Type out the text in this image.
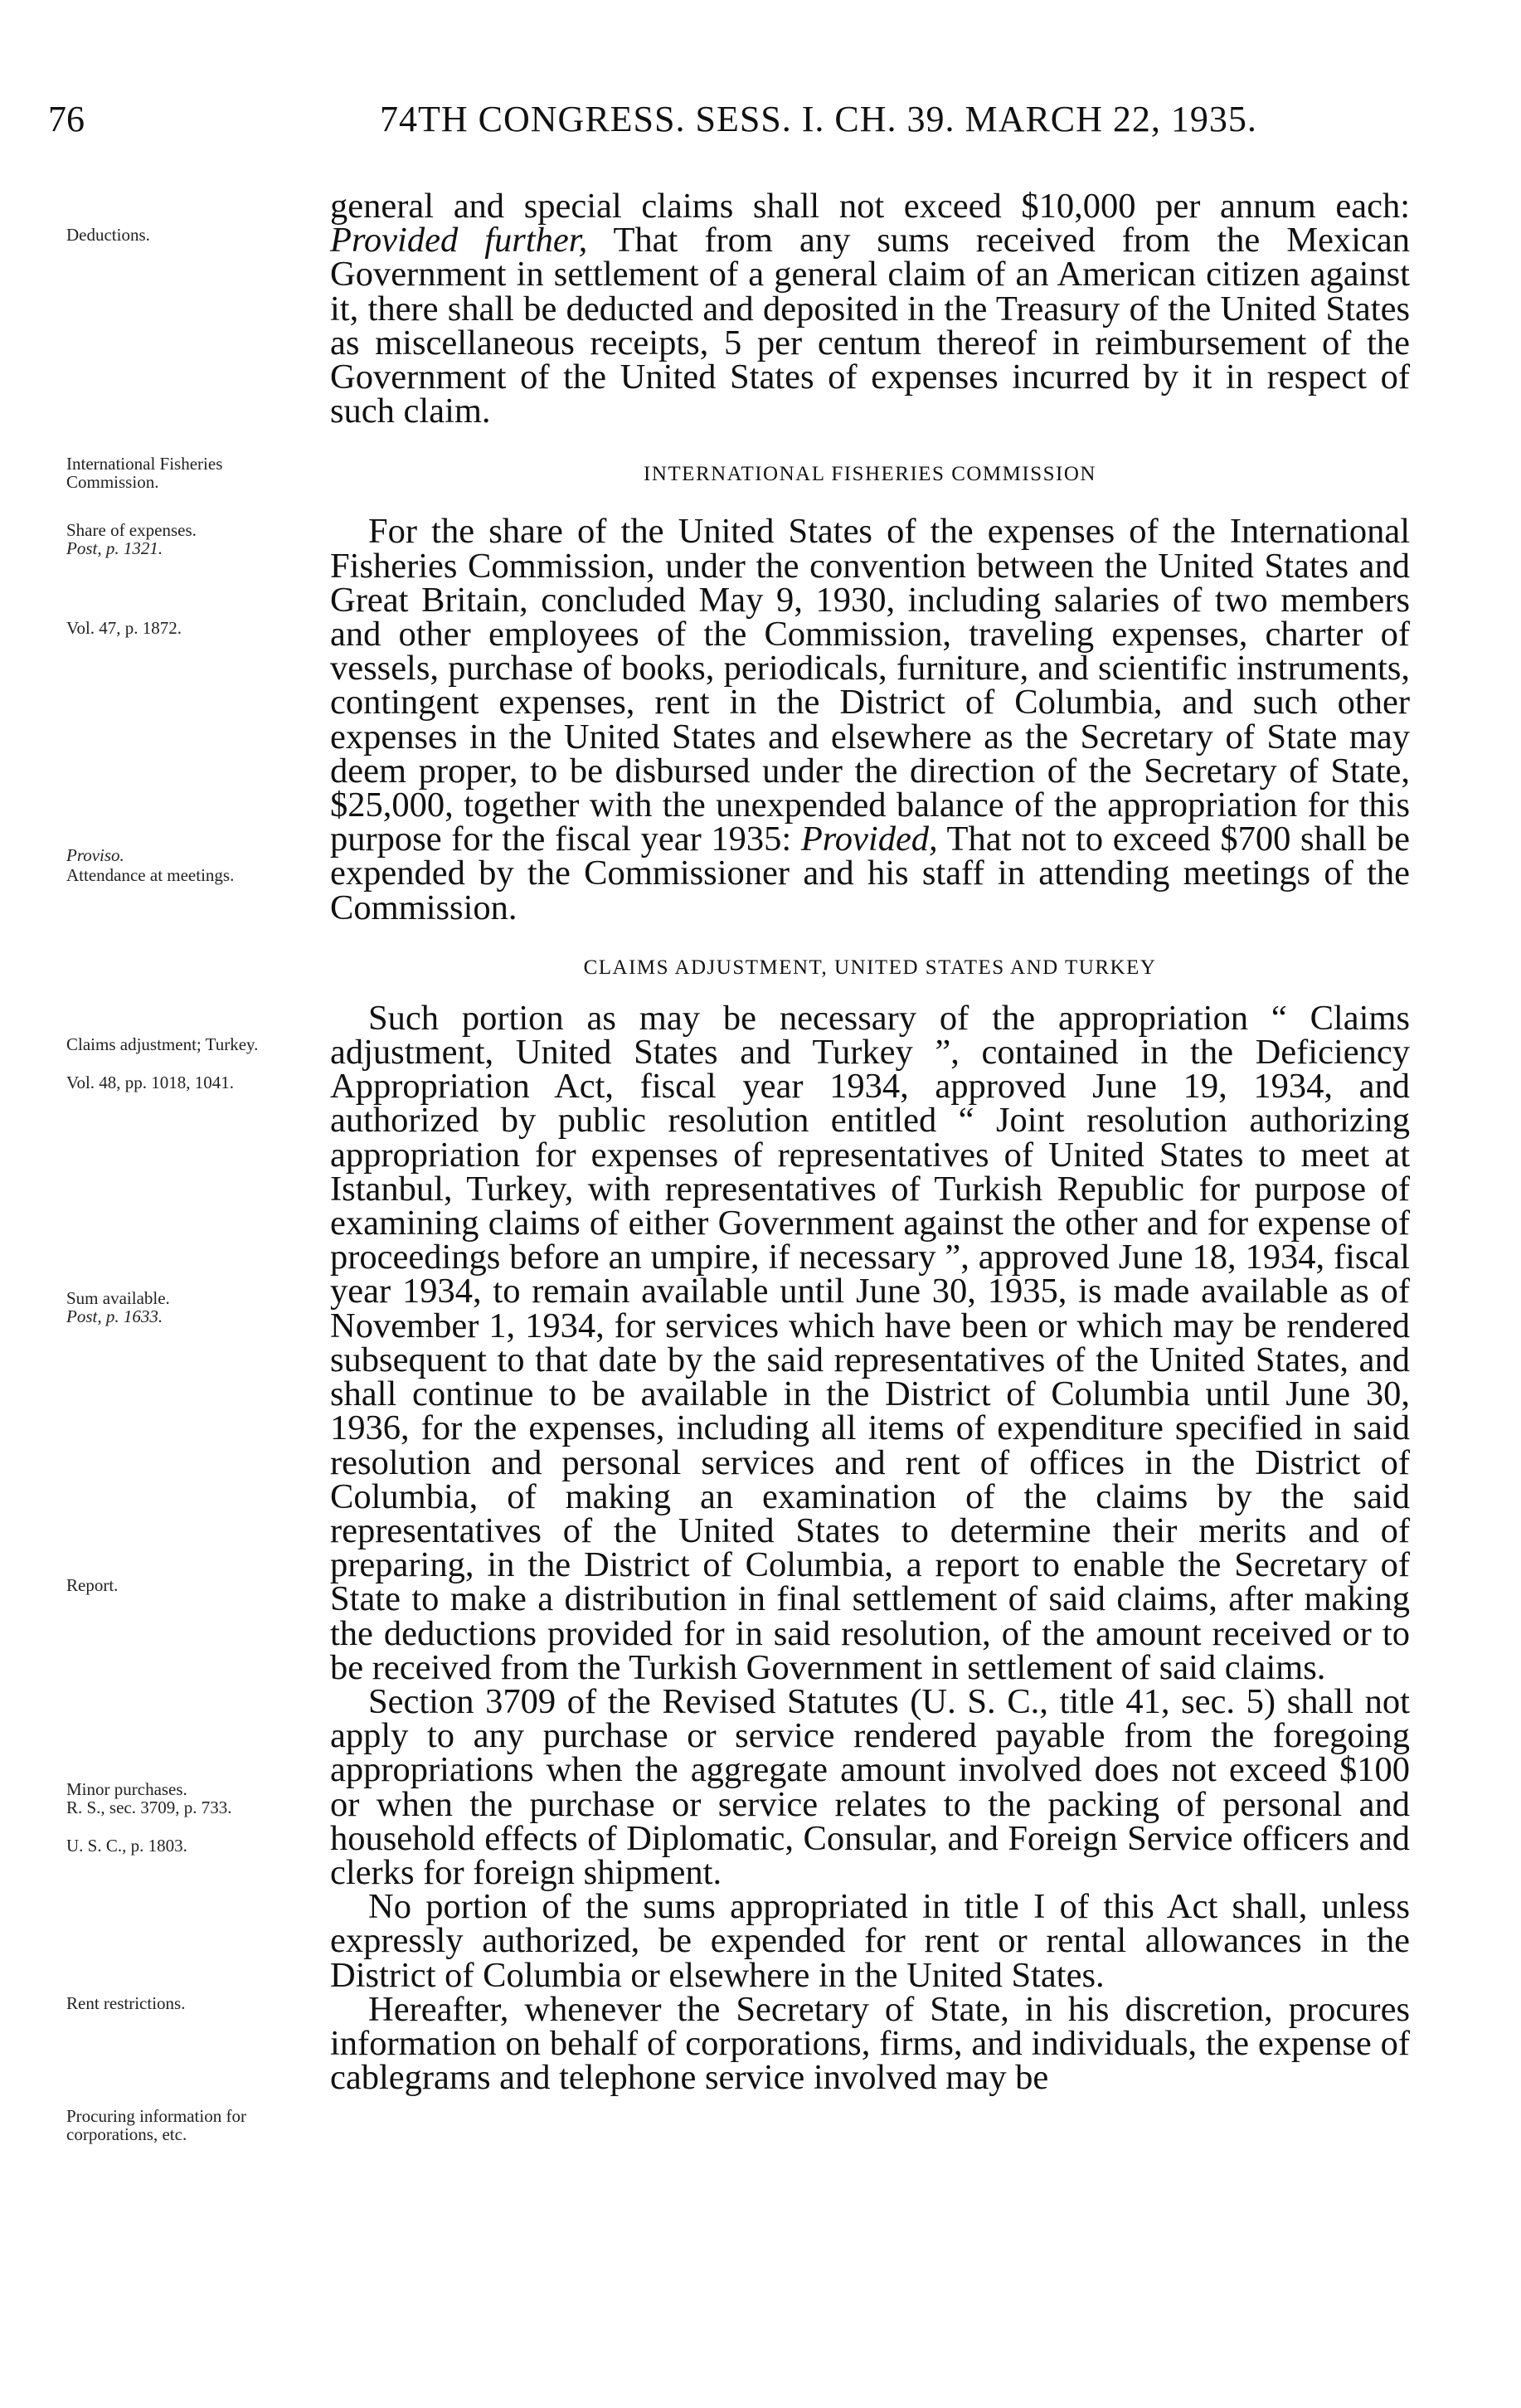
76	74TH CONGRESS. SESS. I. CH. 39. MARCH 22, 1935.
Deductions.
International Fisheries Commission.
Share of expenses.
Post, p. 1321.
Vol. 47, p. 1872.
Proviso.
Attendance at meetings.
Claims adjustment; Turkey.
Vol. 48, pp. 1018, 1041.
Sum available.
Post, p. 1633.
Report.
Minor purchases.
R. S., sec. 3709, p. 733.
U. S. C., p. 1803.
Rent restrictions.
Procuring information for corporations, etc.

general and special claims shall not exceed $10,000 per annum each: Provided further, That from any sums received from the Mexican Government in settlement of a general claim of an American citizen against it, there shall be deducted and deposited in the Treasury of the United States as miscellaneous receipts, 5 per centum thereof in reimbursement of the Government of the United States of expenses incurred by it in respect of such claim.

INTERNATIONAL FISHERIES COMMISSION

For the share of the United States of the expenses of the International Fisheries Commission, under the convention between the United States and Great Britain, concluded May 9, 1930, including salaries of two members and other employees of the Commission, traveling expenses, charter of vessels, purchase of books, periodicals, furniture, and scientific instruments, contingent expenses, rent in the District of Columbia, and such other expenses in the United States and elsewhere as the Secretary of State may deem proper, to be disbursed under the direction of the Secretary of State, $25,000, together with the unexpended balance of the appropriation for this purpose for the fiscal year 1935: Provided, That not to exceed $700 shall be expended by the Commissioner and his staff in attending meetings of the Commission.

CLAIMS ADJUSTMENT, UNITED STATES AND TURKEY

Such portion as may be necessary of the appropriation “ Claims adjustment, United States and Turkey ”, contained in the Deficiency Appropriation Act, fiscal year 1934, approved June 19, 1934, and authorized by public resolution entitled “ Joint resolution authorizing appropriation for expenses of representatives of United States to meet at Istanbul, Turkey, with representatives of Turkish Republic for purpose of examining claims of either Government against the other and for expense of proceedings before an umpire, if necessary ”, approved June 18, 1934, fiscal year 1934, to remain available until June 30, 1935, is made available as of November 1, 1934, for services which have been or which may be rendered subsequent to that date by the said representatives of the United States, and shall continue to be available in the District of Columbia until June 30, 1936, for the expenses, including all items of expenditure specified in said resolution and personal services and rent of offices in the District of Columbia, of making an examination of the claims by the said representatives of the United States to determine their merits and of preparing, in the District of Columbia, a report to enable the Secretary of State to make a distribution in final settlement of said claims, after making the deductions provided for in said resolution, of the amount received or to be received from the Turkish Government in settlement of said claims.

Section 3709 of the Revised Statutes (U. S. C., title 41, sec. 5) shall not apply to any purchase or service rendered payable from the foregoing appropriations when the aggregate amount involved does not exceed $100 or when the purchase or service relates to the packing of personal and household effects of Diplomatic, Consular, and Foreign Service officers and clerks for foreign shipment.

No portion of the sums appropriated in title I of this Act shall, unless expressly authorized, be expended for rent or rental allowances in the District of Columbia or elsewhere in the United States.

Hereafter, whenever the Secretary of State, in his discretion, procures information on behalf of corporations, firms, and individuals, the expense of cablegrams and telephone service involved may be
